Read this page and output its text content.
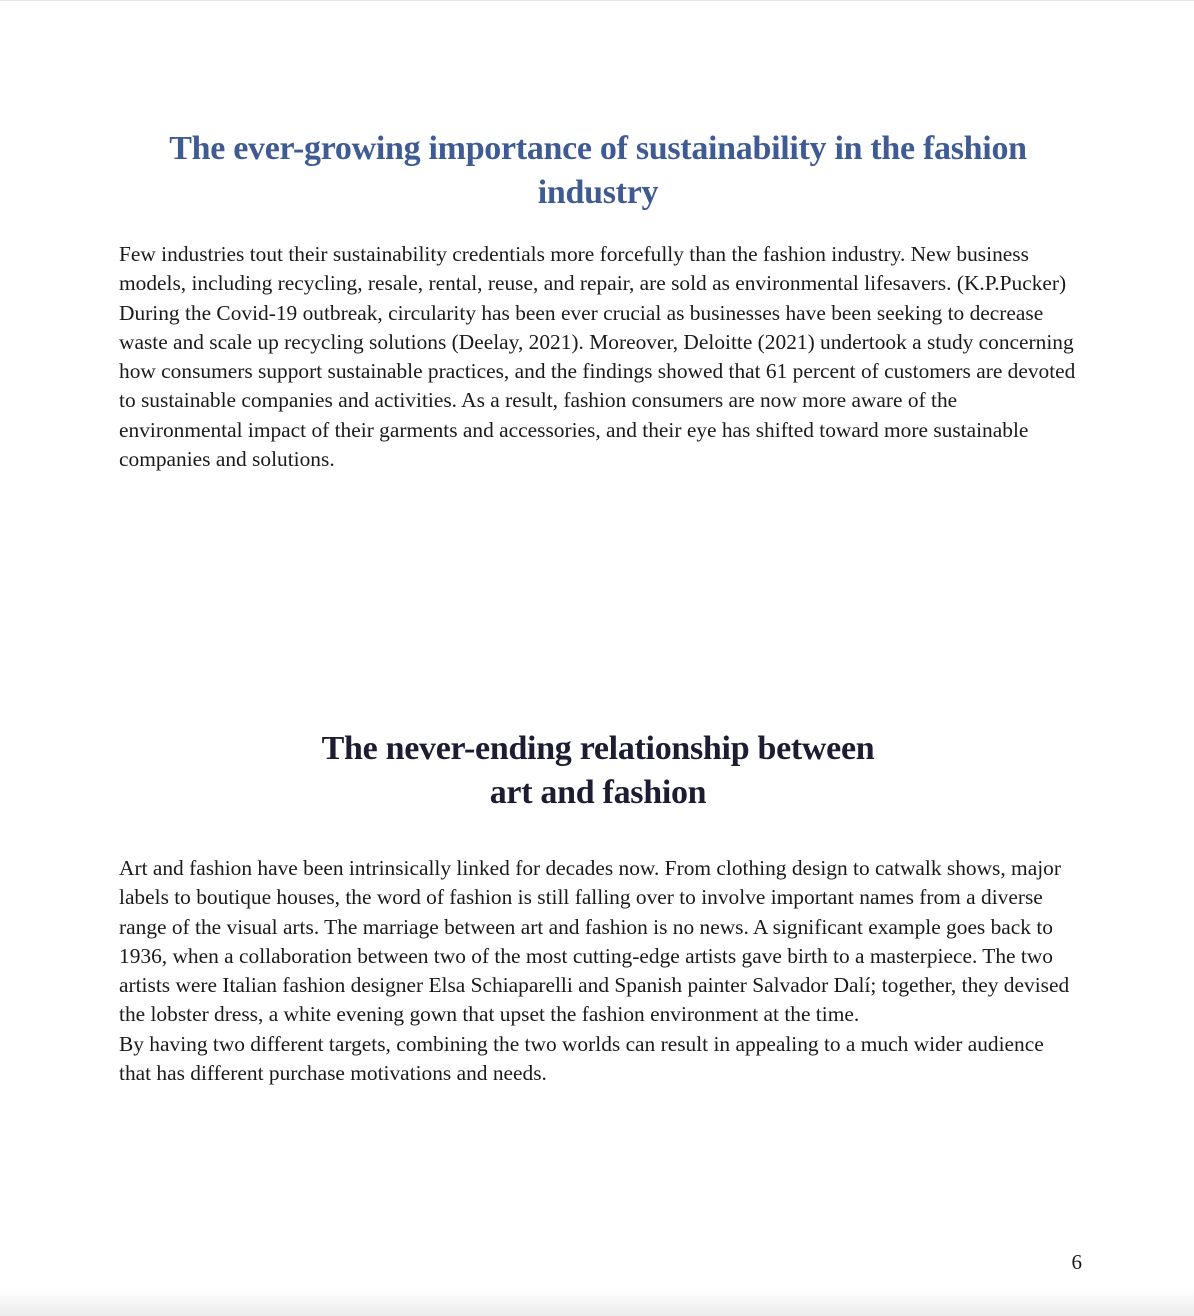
The ever-growing importance of sustainability in the fashion industry

Few industries tout their sustainability credentials more forcefully than the fashion industry. New business models, including recycling, resale, rental, reuse, and repair, are sold as environmental lifesavers. (K.P.Pucker)

During the Covid-19 outbreak, circularity has been ever crucial as businesses have been seeking to decrease waste and scale up recycling solutions (Deelay, 2021). Moreover, Deloitte (2021) undertook a study concerning how consumers support sustainable practices, and the findings showed that 61 percent of customers are devoted to sustainable companies and activities. As a result, fashion consumers are now more aware of the environmental impact of their garments and accessories, and their eye has shifted toward more sustainable companies and solutions.

The never-ending relationship between
art and fashion

Art and fashion have been intrinsically linked for decades now. From clothing design to catwalk shows, major labels to boutique houses, the word of fashion is still falling over to involve important names from a diverse range of the visual arts. The marriage between art and fashion is no news. A significant example goes back to 1936, when a collaboration between two of the most cutting-edge artists gave birth to a masterpiece. The two artists were Italian fashion designer Elsa Schiaparelli and Spanish painter Salvador Dalí; together, they devised the lobster dress, a white evening gown that upset the fashion environment at the time.

By having two different targets, combining the two worlds can result in appealing to a much wider audience that has different purchase motivations and needs.

6
